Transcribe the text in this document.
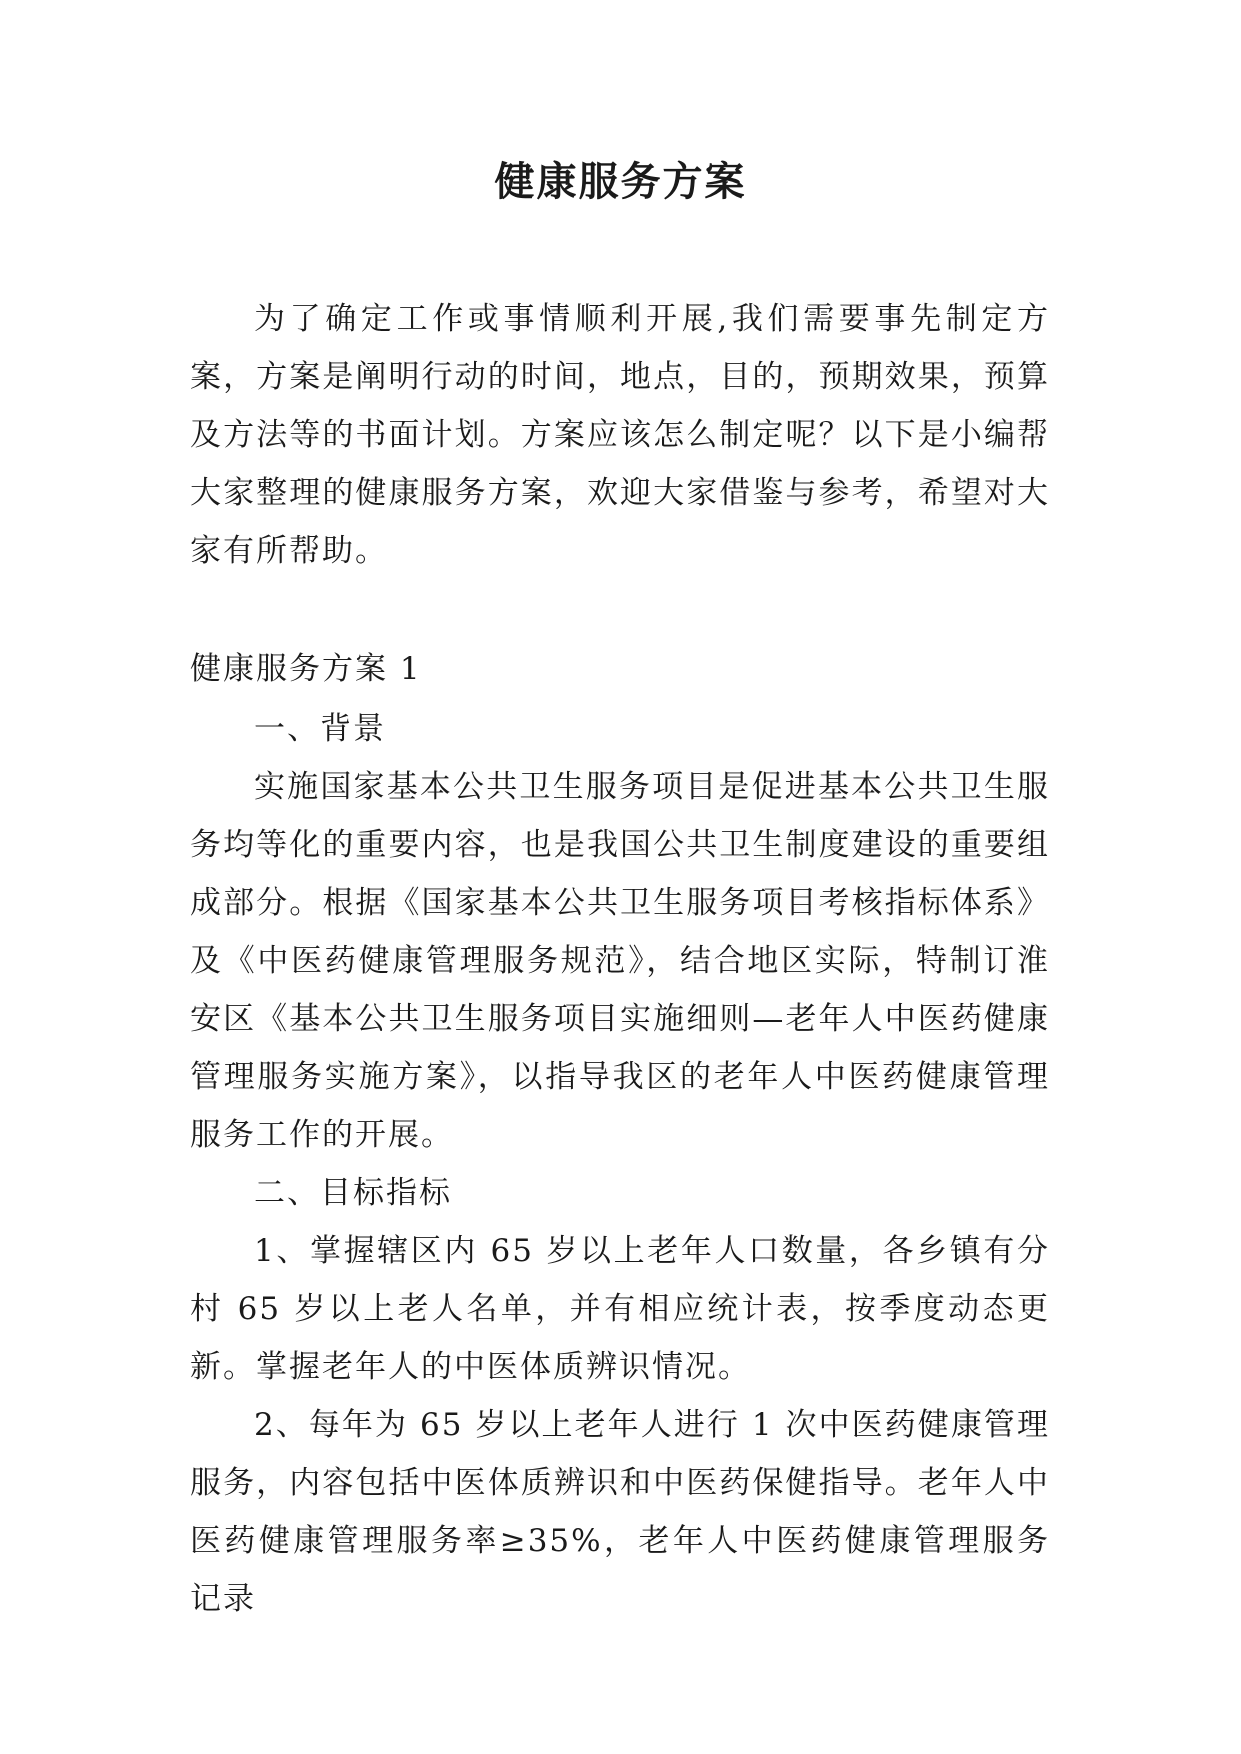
健康服务方案

为了确定工作或事情顺利开展,我们需要事先制定方案，方案是阐明行动的时间，地点，目的，预期效果，预算及方法等的书面计划。方案应该怎么制定呢？以下是小编帮大家整理的健康服务方案，欢迎大家借鉴与参考，希望对大家有所帮助。

健康服务方案 1

一、背景

实施国家基本公共卫生服务项目是促进基本公共卫生服务均等化的重要内容，也是我国公共卫生制度建设的重要组成部分。根据《国家基本公共卫生服务项目考核指标体系》及《中医药健康管理服务规范》，结合地区实际，特制订淮安区《基本公共卫生服务项目实施细则—老年人中医药健康管理服务实施方案》，以指导我区的老年人中医药健康管理服务工作的开展。

二、目标指标

1、掌握辖区内 65 岁以上老年人口数量，各乡镇有分村 65 岁以上老人名单，并有相应统计表，按季度动态更新。掌握老年人的中医体质辨识情况。

2、每年为 65 岁以上老年人进行 1 次中医药健康管理服务，内容包括中医体质辨识和中医药保健指导。老年人中医药健康管理服务率≥35%，老年人中医药健康管理服务记录
